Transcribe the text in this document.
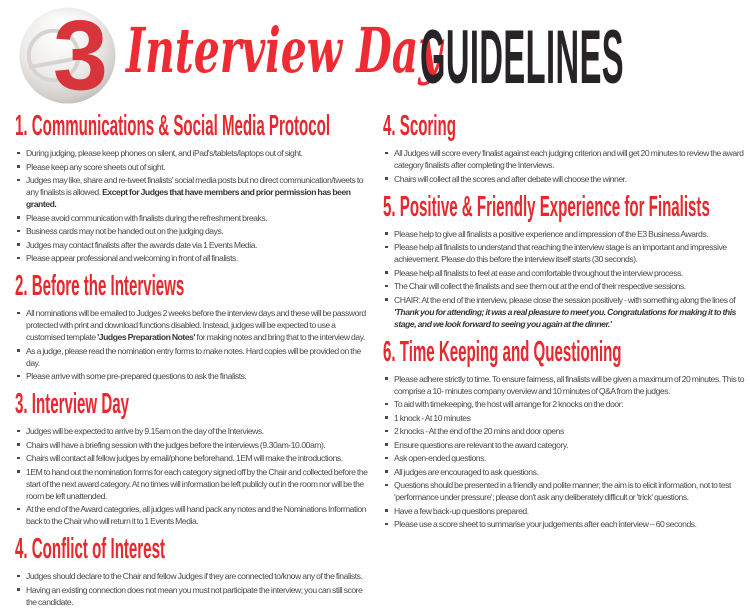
3 Interview Day
GUIDELINES
1. Communications & Social Media Protocol
During judging, please keep phones on silent, and iPad's/tablets/laptops out of sight.
Please keep any score sheets out of sight.
Judges may like, share and re-tweet finalists' social media posts but no direct communication/tweets to any finalists is allowed. Except for Judges that have members and prior permission has been granted.
Please avoid communication with finalists during the refreshment breaks.
Business cards may not be handed out on the judging days.
Judges may contact finalists after the awards date via 1 Events Media.
Please appear professional and welcoming in front of all finalists.
2. Before the Interviews
All nominations will be emailed to Judges 2 weeks before the interview days and these will be password protected with print and download functions disabled. Instead, judges will be expected to use a customised template 'Judges Preparation Notes' for making notes and bring that to the interview day.
As a judge, please read the nomination entry forms to make notes. Hard copies will be provided on the day.
Please arrive with some pre-prepared questions to ask the finalists.
3. Interview Day
Judges will be expected to arrive by 9.15am on the day of the Interviews.
Chairs will have a briefing session with the judges before the interviews (9.30am-10.00am).
Chairs will contact all fellow judges by email/phone beforehand. 1EM will make the introductions.
1EM to hand out the nomination forms for each category signed off by the Chair and collected before the start of the next award category. At no times will information be left publicly out in the room nor will be the room be left unattended.
At the end of the Award categories, all judges will hand pack any notes and the Nominations Information back to the Chair who will return it to 1 Events Media.
4. Conflict of Interest
Judges should declare to the Chair and fellow Judges if they are connected to/know any of the finalists.
Having an existing connection does not mean you must not participate the interview; you can still score the candidate.
4. Scoring
All Judges will score every finalist against each judging criterion and will get 20 minutes to review the award category finalists after completing the Interviews.
Chairs will collect all the scores and after debate will choose the winner.
5. Positive & Friendly Experience for Finalists
Please help to give all finalists a positive experience and impression of the E3 Business Awards.
Please help all finalists to understand that reaching the interview stage is an important and impressive achievement. Please do this before the interview itself starts (30 seconds).
Please help all finalists to feel at ease and comfortable throughout the interview process.
The Chair will collect the finalists and see them out at the end of their respective sessions.
CHAIR: At the end of the interview, please close the session positively - with something along the lines of 'Thank you for attending; it was a real pleasure to meet you. Congratulations for making it to this stage, and we look forward to seeing you again at the dinner.'
6. Time Keeping and Questioning
Please adhere strictly to time. To ensure fairness, all finalists will be given a maximum of 20 minutes. This to comprise a 10- minutes company overview and 10 minutes of Q&A from the judges.
To aid with timekeeping, the host will arrange for 2 knocks on the door:
1 knock - At 10 minutes
2 knocks - At the end of the 20 mins and door opens
Ensure questions are relevant to the award category.
Ask open-ended questions.
All judges are encouraged to ask questions.
Questions should be presented in a friendly and polite manner; the aim is to elicit information, not to test 'performance under pressure'; please don't ask any deliberately difficult or 'trick' questions.
Have a few back-up questions prepared.
Please use a score sheet to summarise your judgements after each interview – 60 seconds.
